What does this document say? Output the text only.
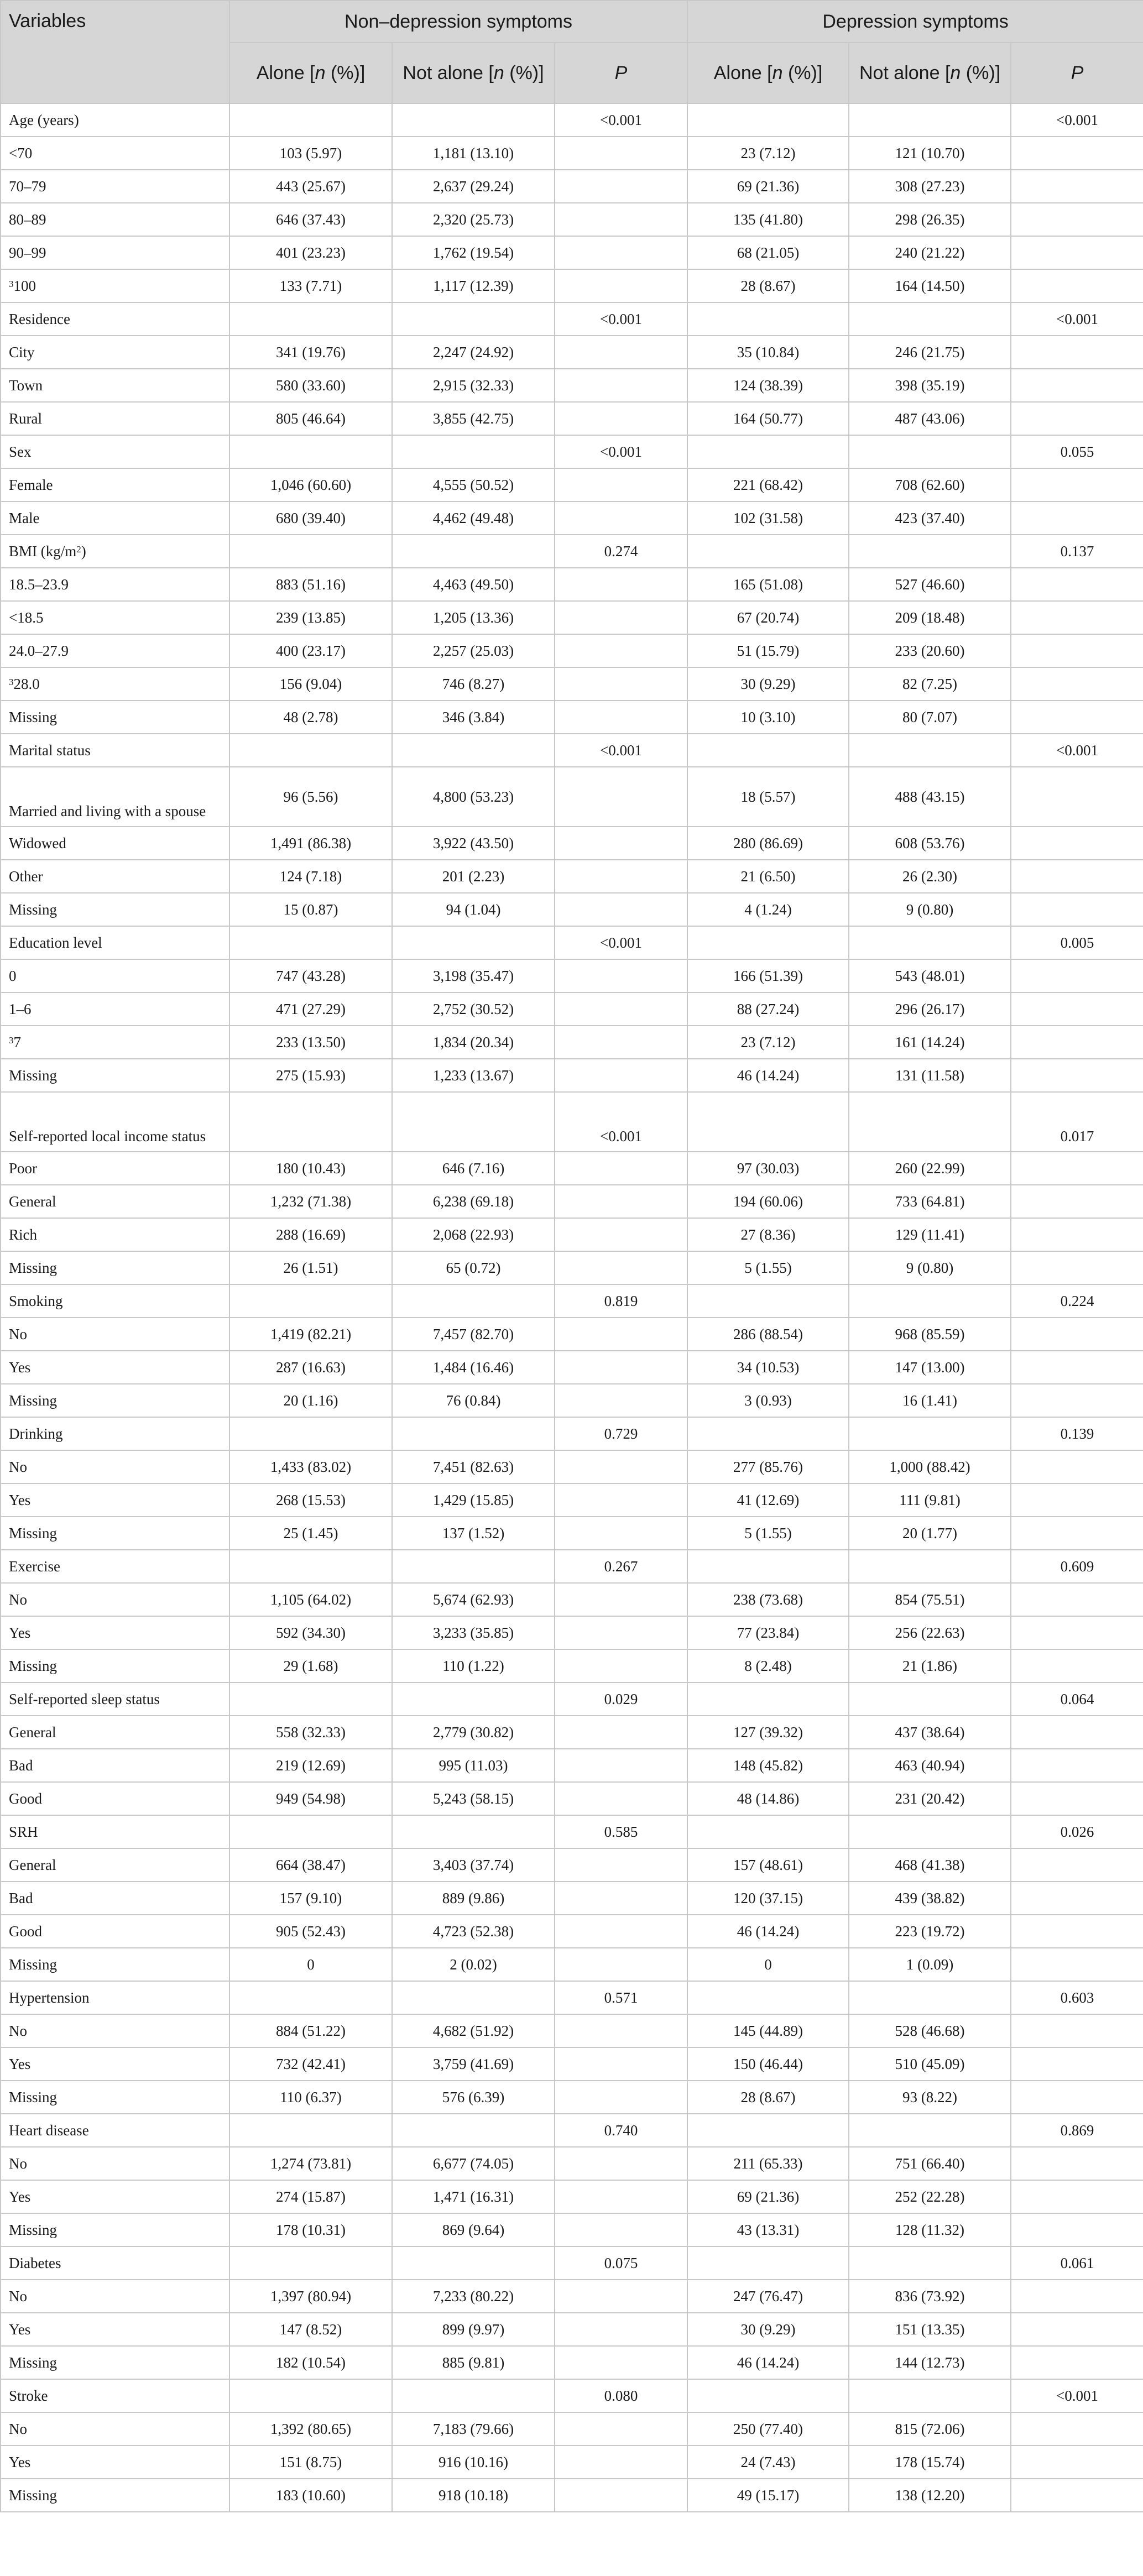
Variables	Non–depression symptoms			Depression symptoms		
	Alone [n (%)]	Not alone [n (%)]	P	Alone [n (%)]	Not alone [n (%)]	P
Age (years)			<0.001			<0.001
<70	103 (5.97)	1,181 (13.10)		23 (7.12)	121 (10.70)	
70–79	443 (25.67)	2,637 (29.24)		69 (21.36)	308 (27.23)	
80–89	646 (37.43)	2,320 (25.73)		135 (41.80)	298 (26.35)	
90–99	401 (23.23)	1,762 (19.54)		68 (21.05)	240 (21.22)	
$^3$100	133 (7.71)	1,117 (12.39)		28 (8.67)	164 (14.50)	
Residence			<0.001			<0.001
City	341 (19.76)	2,247 (24.92)		35 (10.84)	246 (21.75)	
Town	580 (33.60)	2,915 (32.33)		124 (38.39)	398 (35.19)	
Rural	805 (46.64)	3,855 (42.75)		164 (50.77)	487 (43.06)	
Sex			<0.001			0.055
Female	1,046 (60.60)	4,555 (50.52)		221 (68.42)	708 (62.60)	
Male	680 (39.40)	4,462 (49.48)		102 (31.58)	423 (37.40)	
BMI $(kg/m^2)$			0.274			0.137
18.5–23.9	883 (51.16)	4,463 (49.50)		165 (51.08)	527 (46.60)	
<18.5	239 (13.85)	1,205 (13.36)		67 (20.74)	209 (18.48)	
24.0–27.9	400 (23.17)	2,257 (25.03)		51 (15.79)	233 (20.60)	
$^3$28.0	156 (9.04)	746 (8.27)		30 (9.29)	82 (7.25)	
Missing	48 (2.78)	346 (3.84)		10 (3.10)	80 (7.07)	
Marital status			<0.001			<0.001
Married and living with a spouse	96 (5.56)	4,800 (53.23)		18 (5.57)	488 (43.15)	
Widowed	1,491 (86.38)	3,922 (43.50)		280 (86.69)	608 (53.76)	
Other	124 (7.18)	201 (2.23)		21 (6.50)	26 (2.30)	
Missing	15 (0.87)	94 (1.04)		4 (1.24)	9 (0.80)	
Education level			<0.001			0.005
0	747 (43.28)	3,198 (35.47)		166 (51.39)	543 (48.01)	
1–6	471 (27.29)	2,752 (30.52)		88 (27.24)	296 (26.17)	
$^3$7	233 (13.50)	1,834 (20.34)		23 (7.12)	161 (14.24)	
Missing	275 (15.93)	1,233 (13.67)		46 (14.24)	131 (11.58)	
Self-reported local income status			<0.001			0.017
Poor	180 (10.43)	646 (7.16)		97 (30.03)	260 (22.99)	
General	1,232 (71.38)	6,238 (69.18)		194 (60.06)	733 (64.81)	
Rich	288 (16.69)	2,068 (22.93)		27 (8.36)	129 (11.41)	
Missing	26 (1.51)	65 (0.72)		5 (1.55)	9 (0.80)	
Smoking			0.819			0.224
No	1,419 (82.21)	7,457 (82.70)		286 (88.54)	968 (85.59)	
Yes	287 (16.63)	1,484 (16.46)		34 (10.53)	147 (13.00)	
Missing	20 (1.16)	76 (0.84)		3 (0.93)	16 (1.41)	
Drinking			0.729			0.139
No	1,433 (83.02)	7,451 (82.63)		277 (85.76)	1,000 (88.42)	
Yes	268 (15.53)	1,429 (15.85)		41 (12.69)	111 (9.81)	
Missing	25 (1.45)	137 (1.52)		5 (1.55)	20 (1.77)	
Exercise			0.267			0.609
No	1,105 (64.02)	5,674 (62.93)		238 (73.68)	854 (75.51)	
Yes	592 (34.30)	3,233 (35.85)		77 (23.84)	256 (22.63)	
Missing	29 (1.68)	110 (1.22)		8 (2.48)	21 (1.86)	
Self-reported sleep status			0.029			0.064
General	558 (32.33)	2,779 (30.82)		127 (39.32)	437 (38.64)	
Bad	219 (12.69)	995 (11.03)		148 (45.82)	463 (40.94)	
Good	949 (54.98)	5,243 (58.15)		48 (14.86)	231 (20.42)	
SRH			0.585			0.026
General	664 (38.47)	3,403 (37.74)		157 (48.61)	468 (41.38)	
Bad	157 (9.10)	889 (9.86)		120 (37.15)	439 (38.82)	
Good	905 (52.43)	4,723 (52.38)		46 (14.24)	223 (19.72)	
Missing	0	2 (0.02)		0	1 (0.09)	
Hypertension			0.571			0.603
No	884 (51.22)	4,682 (51.92)		145 (44.89)	528 (46.68)	
Yes	732 (42.41)	3,759 (41.69)		150 (46.44)	510 (45.09)	
Missing	110 (6.37)	576 (6.39)		28 (8.67)	93 (8.22)	
Heart disease			0.740			0.869
No	1,274 (73.81)	6,677 (74.05)		211 (65.33)	751 (66.40)	
Yes	274 (15.87)	1,471 (16.31)		69 (21.36)	252 (22.28)	
Missing	178 (10.31)	869 (9.64)		43 (13.31)	128 (11.32)	
Diabetes			0.075			0.061
No	1,397 (80.94)	7,233 (80.22)		247 (76.47)	836 (73.92)	
Yes	147 (8.52)	899 (9.97)		30 (9.29)	151 (13.35)	
Missing	182 (10.54)	885 (9.81)		46 (14.24)	144 (12.73)	
Stroke			0.080			<0.001
No	1,392 (80.65)	7,183 (79.66)		250 (77.40)	815 (72.06)	
Yes	151 (8.75)	916 (10.16)		24 (7.43)	178 (15.74)	
Missing	183 (10.60)	918 (10.18)		49 (15.17)	138 (12.20)	
